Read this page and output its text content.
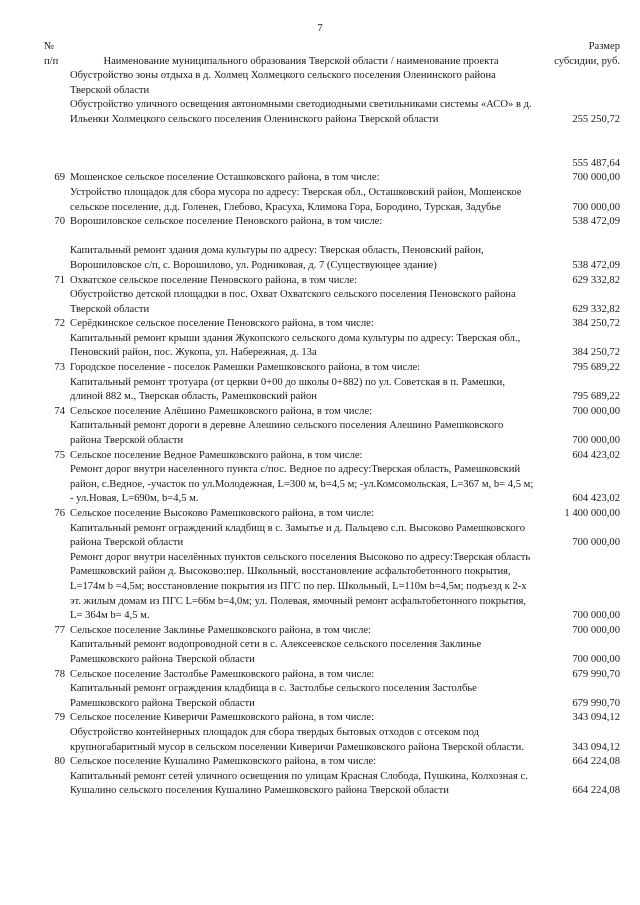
7
№
п/п	Наименование муниципального образования Тверской области / наименование проекта	Размер
субсидии, руб.
	Обустройство зоны отдыха в д. Холмец Холмецкого сельского поселения Оленинского района Тверской области	
	Обустройство уличного освещения автономными светодиодными светильниками системы «АСО» в д. Ильенки Холмецкого сельского поселения Оленинского района Тверской области	255 250,72
555 487,64

69	Мошенское сельское поселение Осташковского района, в том числе:	700 000,00
	Устройство площадок для сбора мусора по адресу: Тверская обл., Осташковский район, Мошенское сельское поселение, д.д. Голенек, Глебово, Красуха, Климова Гора, Бородино, Турская, Задубье	700 000,00
70	Ворошиловское сельское поселение Пеновского района, в том числе:	538 472,09

	Капитальный ремонт здания дома культуры по адресу: Тверская область, Пеновский район, Ворошиловское с/п, с. Ворошилово, ул. Родниковая, д. 7 (Существующее здание)	538 472,09
71	Охватское сельское поселение Пеновского района, в том числе:	629 332,82
	Обустройство детской площадки в пос. Охват Охватского сельского поселения Пеновского района Тверской области	629 332,82
72	Серёдкинское сельское поселение Пеновского района, в том числе:	384 250,72
	Капитальный ремонт крыши здания Жукопского сельского дома культуры по адресу: Тверская обл., Пеновский район, пос. Жукопа, ул. Набережная, д. 13а	384 250,72
73	Городское поселение - поселок Рамешки Рамешковского района, в том числе:	795 689,22
	Капитальный ремонт тротуара (от церкви 0+00 до школы 0+882) по ул. Советская в п. Рамешки, длиной 882 м., Тверская область, Рамешковский район	795 689,22
74	Сельское поселение Алёшино Рамешковского района, в том числе:	700 000,00
	Капитальный ремонт дороги в деревне Алешино сельского поселения Алешино Рамешковского района Тверской области	700 000,00
75	Сельское поселение Ведное Рамешковского района, в том числе:	604 423,02
	Ремонт дорог внутри населенного пункта с/пос. Ведное по адресу:Тверская область, Рамешковский район, с.Ведное, -участок по ул.Молодежная, L=300 м, b=4,5 м; -ул.Комсомольская, L=367 м, b= 4,5 м; - ул.Новая, L=690м, b=4,5 м.	604 423,02
76	Сельское поселение Высоково Рамешковского района, в том числе:	1 400 000,00
	Капитальный ремонт ограждений кладбищ в с. Замытье и д. Пальцево с.п. Высоково Рамешковского района Тверской области	700 000,00
	Ремонт дорог внутри населённых пунктов сельского поселения Высоково по адресу:Тверская область Рамешковский район д. Высоково:пер. Школьный, восстановление асфальтобетонного покрытия, L=174м b =4,5м; восстановление покрытия из ПГС по пер. Школьный, L=110м b=4,5м; подъезд к 2-х эт. жилым домам из ПГС L=66м b=4,0м; ул. Полевая, ямочный ремонт асфальтобетонного покрытия, L= 364м b= 4,5 м.	700 000,00
77	Сельское поселение Заклинье Рамешковского района, в том числе:	700 000,00
	Капитальный ремонт водопроводной сети в с. Алексеевское сельского поселения Заклинье Рамешковского района Тверской области	700 000,00
78	Сельское поселение Застолбье Рамешковского района, в том числе:	679 990,70
	Капитальный ремонт ограждения кладбища в с. Застолбье сельского поселения Застолбье Рамешковского района Тверской области	679 990,70
79	Сельское поселение Киверичи Рамешковского района, в том числе:	343 094,12
	Обустройство контейнерных площадок для сбора твердых бытовых отходов с отсеком под крупногабаритный мусор в сельском поселении Киверичи Рамешковского района Тверской области.	343 094,12
80	Сельское поселение Кушалино Рамешковского района, в том числе:	664 224,08
	Капитальный ремонт сетей уличного освещения по улицам Красная Слобода, Пушкина, Колхозная с. Кушалино сельского поселения Кушалино Рамешковского района Тверской области	664 224,08
